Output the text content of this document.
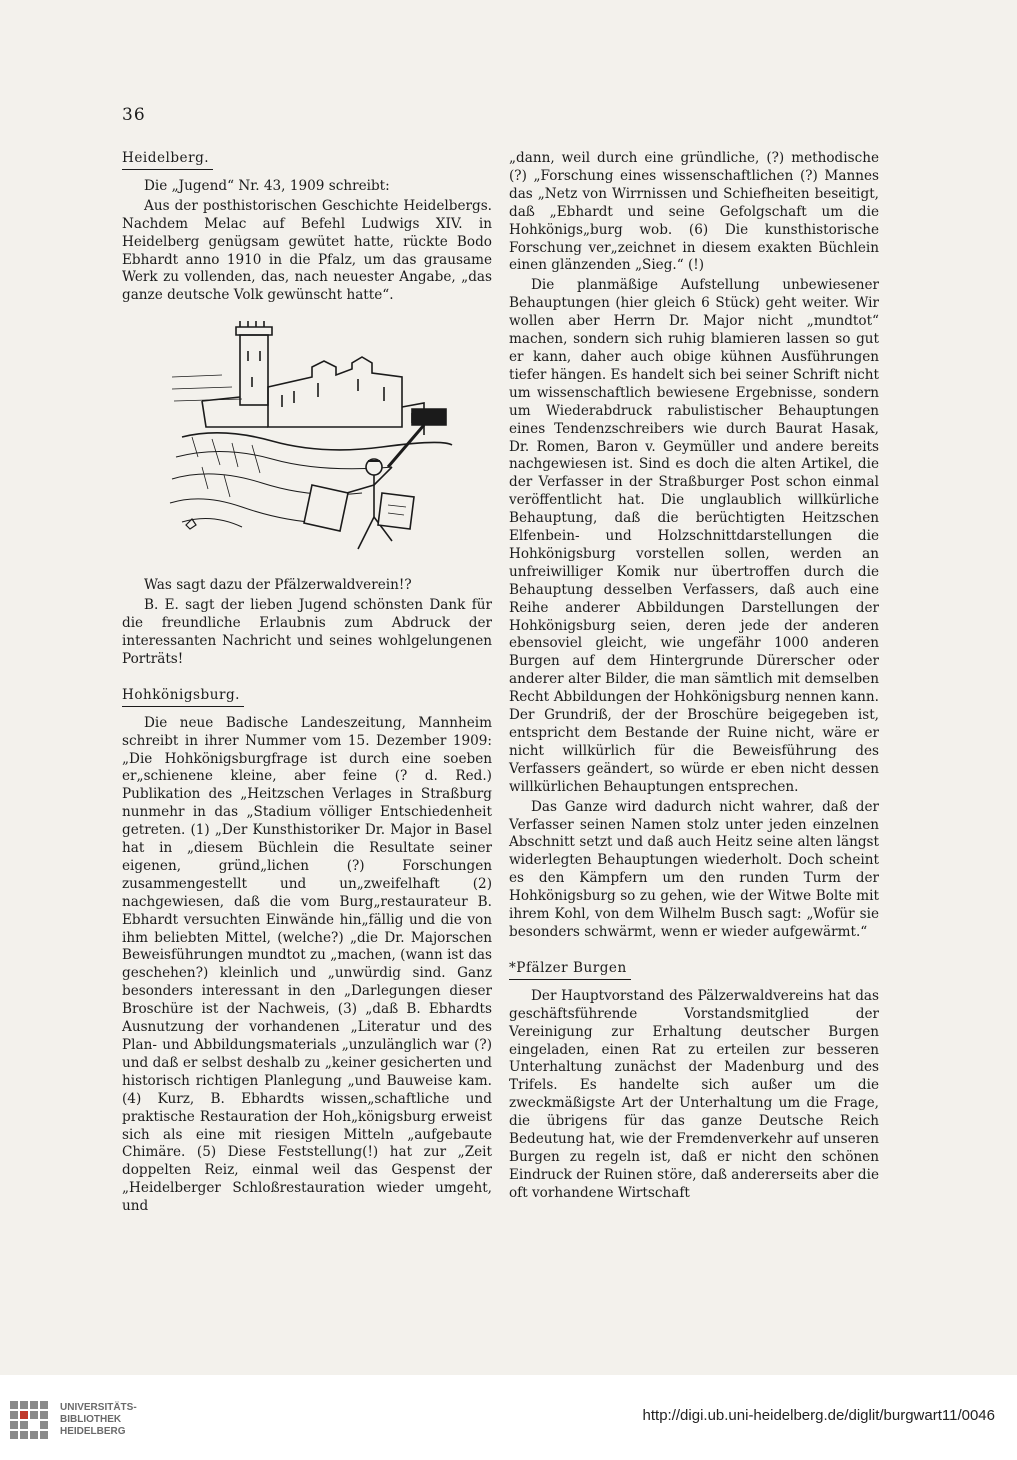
36
Heidelberg.

Die „Jugend“ Nr. 43, 1909 schreibt:

Aus der posthistorischen Geschichte Heidelbergs. Nachdem Melac auf Befehl Ludwigs XIV. in Heidelberg genügsam gewütet hatte, rückte Bodo Ebhardt anno 1910 in die Pfalz, um das grausame Werk zu vollenden, das, nach neuester Angabe, „das ganze deutsche Volk gewünscht hatte“.

Was sagt dazu der Pfälzerwaldverein!?

B. E. sagt der lieben Jugend schönsten Dank für die freundliche Erlaubnis zum Abdruck der interessanten Nachricht und seines wohlgelungenen Porträts!

Hohkönigsburg.

Die neue Badische Landeszeitung, Mannheim schreibt in ihrer Nummer vom 15. Dezember 1909: „Die Hohkönigsburgfrage ist durch eine soeben er„schienene kleine, aber feine (? d. Red.) Publikation des „Heitzschen Verlages in Straßburg nunmehr in das „Stadium völliger Entschiedenheit getreten. (1) „Der Kunsthistoriker Dr. Major in Basel hat in „diesem Büchlein die Resultate seiner eigenen, gründ„lichen (?) Forschungen zusammengestellt und un„zweifelhaft (2) nachgewiesen, daß die vom Burg„restaurateur B. Ebhardt versuchten Einwände hin„fällig und die von ihm beliebten Mittel, (welche?) „die Dr. Majorschen Beweisführungen mundtot zu „machen, (wann ist das geschehen?) kleinlich und „unwürdig sind. Ganz besonders interessant in den „Darlegungen dieser Broschüre ist der Nachweis, (3) „daß B. Ebhardts Ausnutzung der vorhandenen „Literatur und des Plan- und Abbildungsmaterials „unzulänglich war (?) und daß er selbst deshalb zu „keiner gesicherten und historisch richtigen Planlegung „und Bauweise kam. (4) Kurz, B. Ebhardts wissen„schaftliche und praktische Restauration der Hoh„königsburg erweist sich als eine mit riesigen Mitteln „aufgebaute Chimäre. (5) Diese Feststellung(!) hat zur „Zeit doppelten Reiz, einmal weil das Gespenst der „Heidelberger Schloßrestauration wieder umgeht, und

„dann, weil durch eine gründliche, (?) methodische (?) „Forschung eines wissenschaftlichen (?) Mannes das „Netz von Wirrnissen und Schiefheiten beseitigt, daß „Ebhardt und seine Gefolgschaft um die Hohkönigs„burg wob. (6) Die kunsthistorische Forschung ver„zeichnet in diesem exakten Büchlein einen glänzenden „Sieg.“ (!)

Die planmäßige Aufstellung unbewiesener Behauptungen (hier gleich 6 Stück) geht weiter. Wir wollen aber Herrn Dr. Major nicht „mundtot“ machen, sondern sich ruhig blamieren lassen so gut er kann, daher auch obige kühnen Ausführungen tiefer hängen. Es handelt sich bei seiner Schrift nicht um wissenschaftlich bewiesene Ergebnisse, sondern um Wiederabdruck rabulistischer Behauptungen eines Tendenzschreibers wie durch Baurat Hasak, Dr. Romen, Baron v. Geymüller und andere bereits nachgewiesen ist. Sind es doch die alten Artikel, die der Verfasser in der Straßburger Post schon einmal veröffentlicht hat. Die unglaublich willkürliche Behauptung, daß die berüchtigten Heitzschen Elfenbein- und Holzschnittdarstellungen die Hohkönigsburg vorstellen sollen, werden an unfreiwilliger Komik nur übertroffen durch die Behauptung desselben Verfassers, daß auch eine Reihe anderer Abbildungen Darstellungen der Hohkönigsburg seien, deren jede der anderen ebensoviel gleicht, wie ungefähr 1000 anderen Burgen auf dem Hintergrunde Dürerscher oder anderer alter Bilder, die man sämtlich mit demselben Recht Abbildungen der Hohkönigsburg nennen kann. Der Grundriß, der der Broschüre beigegeben ist, entspricht dem Bestande der Ruine nicht, wäre er nicht willkürlich für die Beweisführung des Verfassers geändert, so würde er eben nicht dessen willkürlichen Behauptungen entsprechen.

Das Ganze wird dadurch nicht wahrer, daß der Verfasser seinen Namen stolz unter jeden einzelnen Abschnitt setzt und daß auch Heitz seine alten längst widerlegten Behauptungen wiederholt. Doch scheint es den Kämpfern um den runden Turm der Hohkönigsburg so zu gehen, wie der Witwe Bolte mit ihrem Kohl, von dem Wilhelm Busch sagt: „Wofür sie besonders schwärmt, wenn er wieder aufgewärmt.“

*Pfälzer Burgen

Der Hauptvorstand des Pälzerwaldvereins hat das geschäftsführende Vorstandsmitglied der Vereinigung zur Erhaltung deutscher Burgen eingeladen, einen Rat zu erteilen zur besseren Unterhaltung zunächst der Madenburg und des Trifels. Es handelte sich außer um die zweckmäßigste Art der Unterhaltung um die Frage, die übrigens für das ganze Deutsche Reich Bedeutung hat, wie der Fremdenverkehr auf unseren Burgen zu regeln ist, daß er nicht den schönen Eindruck der Ruinen störe, daß andererseits aber die oft vorhandene Wirtschaft

UNIVERSITÄTS-
BIBLIOTHEK
HEIDELBERG
http://digi.ub.uni-heidelberg.de/diglit/burgwart11/0046
